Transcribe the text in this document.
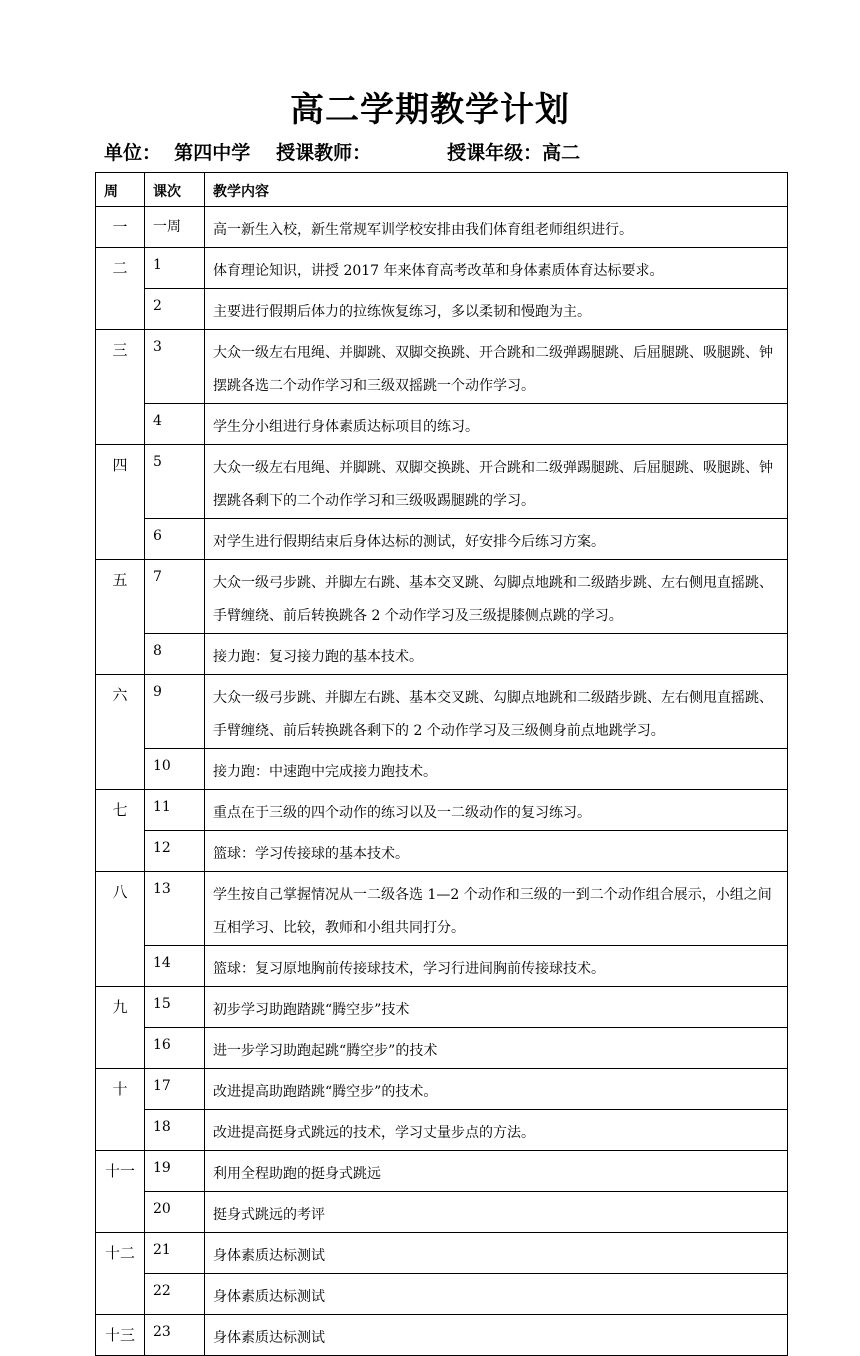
高二学期教学计划
单位： 第四中学 授课教师：	授课年级：高二
周	课次	教学内容
一	一周	高一新生入校，新生常规军训学校安排由我们体育组老师组织进行。
二	1	体育理论知识，讲授 2017 年来体育高考改革和身体素质体育达标要求。
	2	主要进行假期后体力的拉练恢复练习，多以柔韧和慢跑为主。
三	3	大众一级左右甩绳、并脚跳、双脚交换跳、开合跳和二级弹踢腿跳、后屈腿跳、吸腿跳、钟摆跳各选二个动作学习和三级双摇跳一个动作学习。
	4	学生分小组进行身体素质达标项目的练习。
四	5	大众一级左右甩绳、并脚跳、双脚交换跳、开合跳和二级弹踢腿跳、后屈腿跳、吸腿跳、钟摆跳各剩下的二个动作学习和三级吸踢腿跳的学习。
	6	对学生进行假期结束后身体达标的测试，好安排今后练习方案。
五	7	大众一级弓步跳、并脚左右跳、基本交叉跳、勾脚点地跳和二级踏步跳、左右侧甩直摇跳、手臂缠绕、前后转换跳各 2 个动作学习及三级提膝侧点跳的学习。
	8	接力跑：复习接力跑的基本技术。
六	9	大众一级弓步跳、并脚左右跳、基本交叉跳、勾脚点地跳和二级踏步跳、左右侧甩直摇跳、手臂缠绕、前后转换跳各剩下的 2 个动作学习及三级侧身前点地跳学习。
	10	接力跑：中速跑中完成接力跑技术。
七	11	重点在于三级的四个动作的练习以及一二级动作的复习练习。
	12	篮球：学习传接球的基本技术。
八	13	学生按自己掌握情况从一二级各选 1—2 个动作和三级的一到二个动作组合展示，小组之间互相学习、比较，教师和小组共同打分。
	14	篮球：复习原地胸前传接球技术，学习行进间胸前传接球技术。
九	15	初步学习助跑踏跳“腾空步”技术
	16	进一步学习助跑起跳“腾空步”的技术
十	17	改进提高助跑踏跳“腾空步”的技术。
	18	改进提高挺身式跳远的技术，学习丈量步点的方法。
十一	19	利用全程助跑的挺身式跳远
	20	挺身式跳远的考评
十二	21	身体素质达标测试
	22	身体素质达标测试
十三	23	身体素质达标测试
